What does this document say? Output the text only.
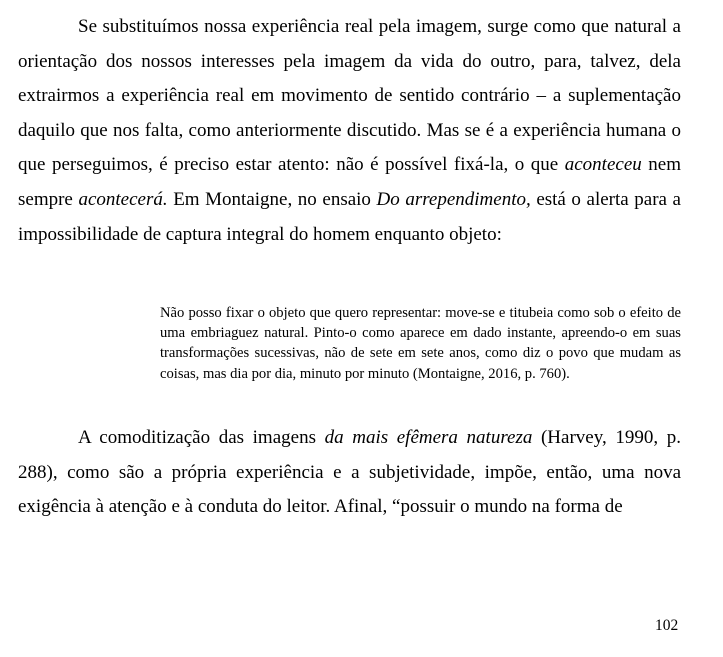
Se substituímos nossa experiência real pela imagem, surge como que natural a orientação dos nossos interesses pela imagem da vida do outro, para, talvez, dela extrairmos a experiência real em movimento de sentido contrário – a suplementação daquilo que nos falta, como anteriormente discutido. Mas se é a experiência humana o que perseguimos, é preciso estar atento: não é possível fixá-la, o que aconteceu nem sempre acontecerá. Em Montaigne, no ensaio Do arrependimento, está o alerta para a impossibilidade de captura integral do homem enquanto objeto:

Não posso fixar o objeto que quero representar: move-se e titubeia como sob o efeito de uma embriaguez natural. Pinto-o como aparece em dado instante, apreendo-o em suas transformações sucessivas, não de sete em sete anos, como diz o povo que mudam as coisas, mas dia por dia, minuto por minuto (Montaigne, 2016, p. 760).

A comoditização das imagens da mais efêmera natureza (Harvey, 1990, p. 288), como são a própria experiência e a subjetividade, impõe, então, uma nova exigência à atenção e à conduta do leitor. Afinal, “possuir o mundo na forma de

102
